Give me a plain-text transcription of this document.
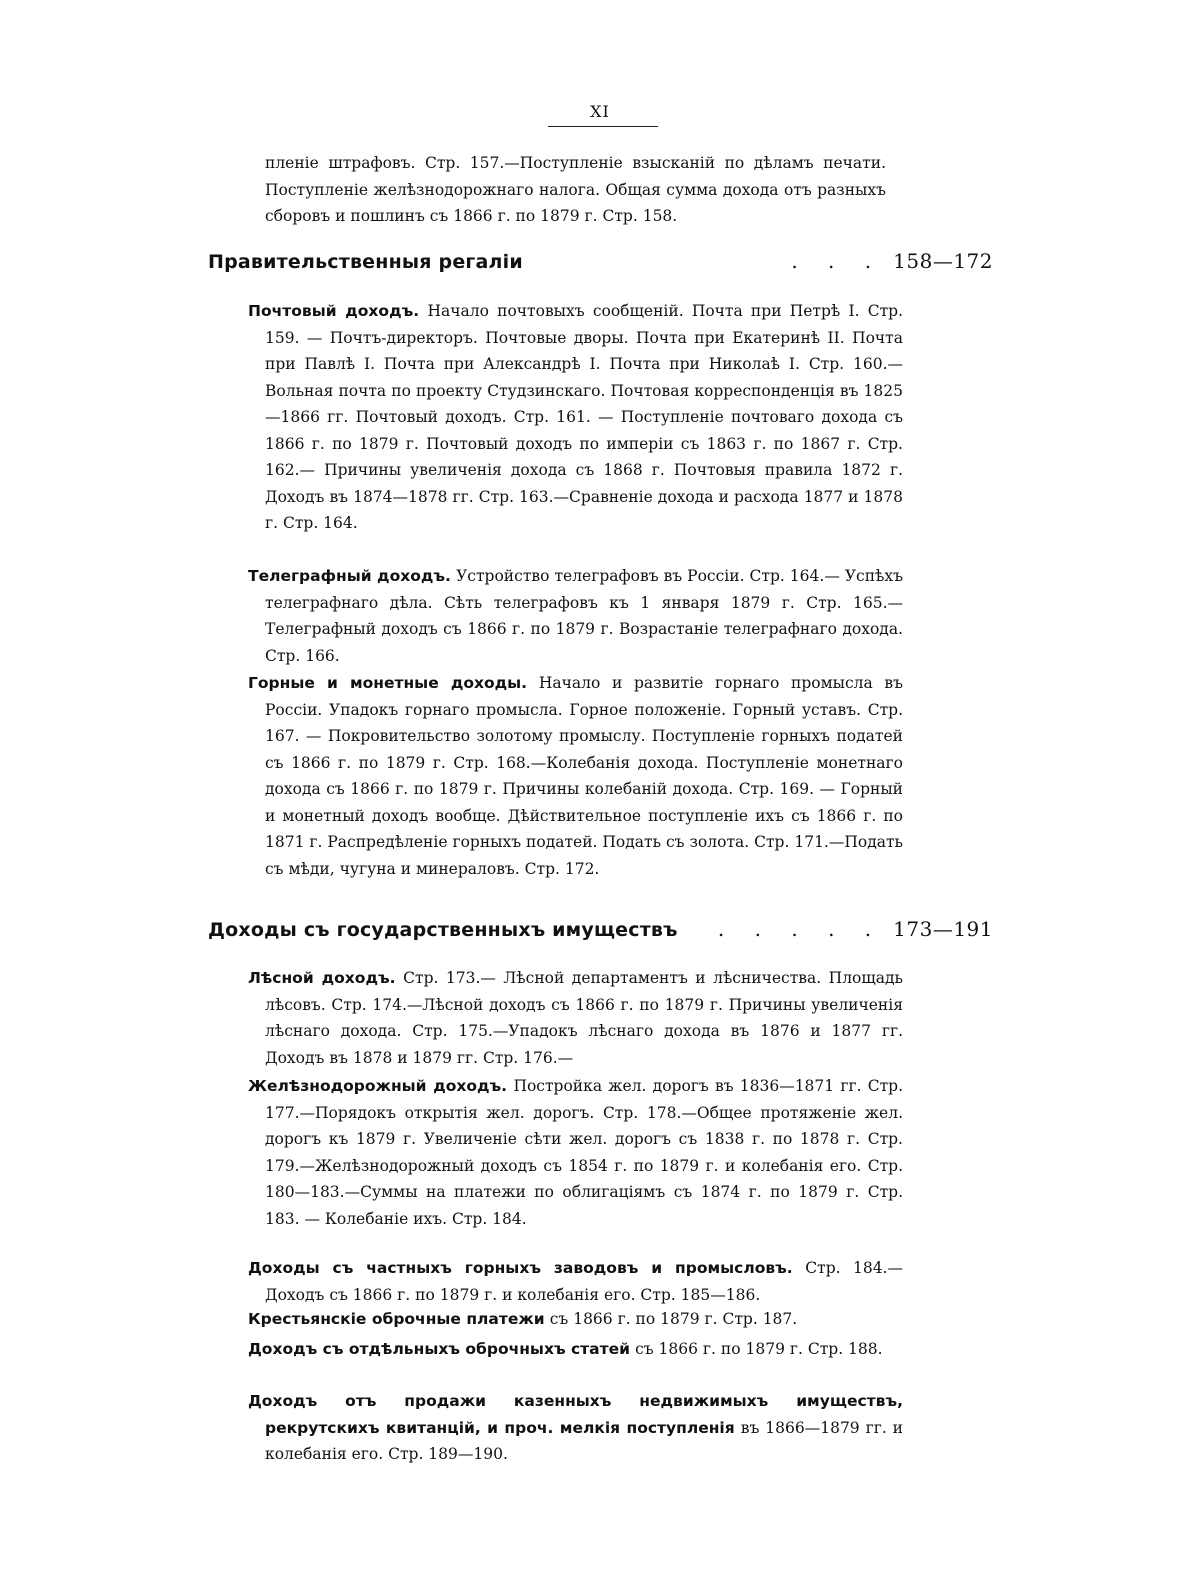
XI
пленіе штрафовъ. Стр. 157.—Поступленіе взысканій по дѣламъ печати. Поступленіе желѣзнодорожнаго налога. Общая сумма дохода отъ разныхъ сборовъ и пошлинъ съ 1866 г. по 1879 г. Стр. 158.
Правительственныя регаліи	. . . 158—172
Почтовый доходъ. Начало почтовыхъ сообщеній. Почта при Петрѣ І. Стр. 159. — Почтъ-директоръ. Почтовые дворы. Почта при Екатеринѣ II. Почта при Павлѣ І. Почта при Александрѣ І. Почта при Николаѣ І. Стр. 160.—Вольная почта по проекту Студзинскаго. Почтовая корреспонденція въ 1825—1866 гг. Почтовый доходъ. Стр. 161. — Поступленіе почтоваго дохода съ 1866 г. по 1879 г. Почтовый доходъ по имперіи съ 1863 г. по 1867 г. Стр. 162.— Причины увеличенія дохода съ 1868 г. Почтовыя правила 1872 г. Доходъ въ 1874—1878 гг. Стр. 163.—Сравненіе дохода и расхода 1877 и 1878 г. Стр. 164.
Телеграфный доходъ. Устройство телеграфовъ въ Россіи. Стр. 164.— Успѣхъ телеграфнаго дѣла. Сѣть телеграфовъ къ 1 января 1879 г. Стр. 165.— Телеграфный доходъ съ 1866 г. по 1879 г. Возрастаніе телеграфнаго дохода. Стр. 166.
Горные и монетные доходы. Начало и развитіе горнаго промысла въ Россіи. Упадокъ горнаго промысла. Горное положеніе. Горный уставъ. Стр. 167. — Покровительство золотому промыслу. Поступленіе горныхъ податей съ 1866 г. по 1879 г. Стр. 168.—Колебанія дохода. Поступленіе монетнаго дохода съ 1866 г. по 1879 г. Причины колебаній дохода. Стр. 169. — Горный и монетный доходъ вообще. Дѣйствительное поступленіе ихъ съ 1866 г. по 1871 г. Распредѣленіе горныхъ податей. Подать съ золота. Стр. 171.—Подать съ мѣди, чугуна и минераловъ. Стр. 172.
Доходы съ государственныхъ имуществъ . . . . . 173—191
Лѣсной доходъ. Стр. 173.— Лѣсной департаментъ и лѣсничества. Площадь лѣсовъ. Стр. 174.—Лѣсной доходъ съ 1866 г. по 1879 г. Причины увеличенія лѣснаго дохода. Стр. 175.—Упадокъ лѣснаго дохода въ 1876 и 1877 гг. Доходъ въ 1878 и 1879 гг. Стр. 176.—
Желѣзнодорожный доходъ. Постройка жел. дорогъ въ 1836—1871 гг. Стр. 177.—Порядокъ открытія жел. дорогъ. Стр. 178.—Общее протяженіе жел. дорогъ къ 1879 г. Увеличеніе сѣти жел. дорогъ съ 1838 г. по 1878 г. Стр. 179.—Желѣзнодорожный доходъ съ 1854 г. по 1879 г. и колебанія его. Стр. 180—183.—Суммы на платежи по облигаціямъ съ 1874 г. по 1879 г. Стр. 183. — Колебаніе ихъ. Стр. 184.
Доходы съ частныхъ горныхъ заводовъ и промысловъ. Стр. 184.— Доходъ съ 1866 г. по 1879 г. и колебанія его. Стр. 185—186.
Крестьянскіе оброчные платежи съ 1866 г. по 1879 г. Стр. 187.
Доходъ съ отдѣльныхъ оброчныхъ статей съ 1866 г. по 1879 г. Стр. 188.
Доходъ отъ продажи казенныхъ недвижимыхъ имуществъ, рекрутскихъ квитанцій, и проч. мелкія поступленія въ 1866—1879 гг. и колебанія его. Стр. 189—190.
